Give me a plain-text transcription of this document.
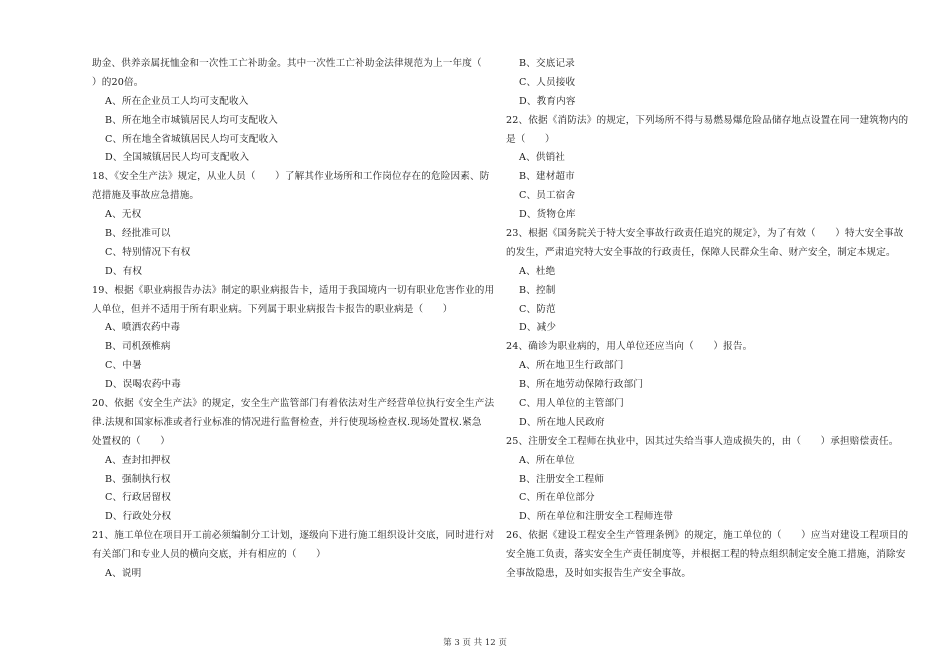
助金、供养亲属抚恤金和一次性工亡补助金。其中一次性工亡补助金法律规范为上一年度（
）的20倍。
A、所在企业员工人均可支配收入
B、所在地全市城镇居民人均可支配收入
C、所在地全省城镇居民人均可支配收入
D、全国城镇居民人均可支配收入
18、《安全生产法》规定，从业人员（　　）了解其作业场所和工作岗位存在的危险因素、防
范措施及事故应急措施。
A、无权
B、经批准可以
C、特别情况下有权
D、有权
19、根据《职业病报告办法》制定的职业病报告卡，适用于我国境内一切有职业危害作业的用
人单位，但并不适用于所有职业病。下列属于职业病报告卡报告的职业病是（　　）
A、喷洒农药中毒
B、司机颈椎病
C、中暑
D、误喝农药中毒
20、依据《安全生产法》的规定，安全生产监管部门有着依法对生产经营单位执行安全生产法
律.法规和国家标准或者行业标准的情况进行监督检查，并行使现场检查权.现场处置权.紧急
处置权的（　　）
A、查封扣押权
B、强制执行权
C、行政居留权
D、行政处分权
21、施工单位在项目开工前必须编制分工计划，逐级向下进行施工组织设计交底，同时进行对
有关部门和专业人员的横向交底，并有相应的（　　）
A、说明
B、交底记录
C、人员接收
D、教育内容
22、依据《消防法》的规定，下列场所不得与易燃易爆危险品储存地点设置在同一建筑物内的
是（　　）
A、供销社
B、建材超市
C、员工宿舍
D、货物仓库
23、根据《国务院关于特大安全事故行政责任追究的规定》，为了有效（　　）特大安全事故
的发生，严肃追究特大安全事故的行政责任，保障人民群众生命、财产安全，制定本规定。
A、杜绝
B、控制
C、防范
D、减少
24、确诊为职业病的，用人单位还应当向（　　）报告。
A、所在地卫生行政部门
B、所在地劳动保障行政部门
C、用人单位的主管部门
D、所在地人民政府
25、注册安全工程师在执业中，因其过失给当事人造成损失的，由（　　）承担赔偿责任。
A、所在单位
B、注册安全工程师
C、所在单位部分
D、所在单位和注册安全工程师连带
26、依据《建设工程安全生产管理条例》的规定，施工单位的（　　）应当对建设工程项目的
安全施工负责，落实安全生产责任制度等，并根据工程的特点组织制定安全施工措施，消除安
全事故隐患，及时如实报告生产安全事故。
第 3 页 共 12 页
